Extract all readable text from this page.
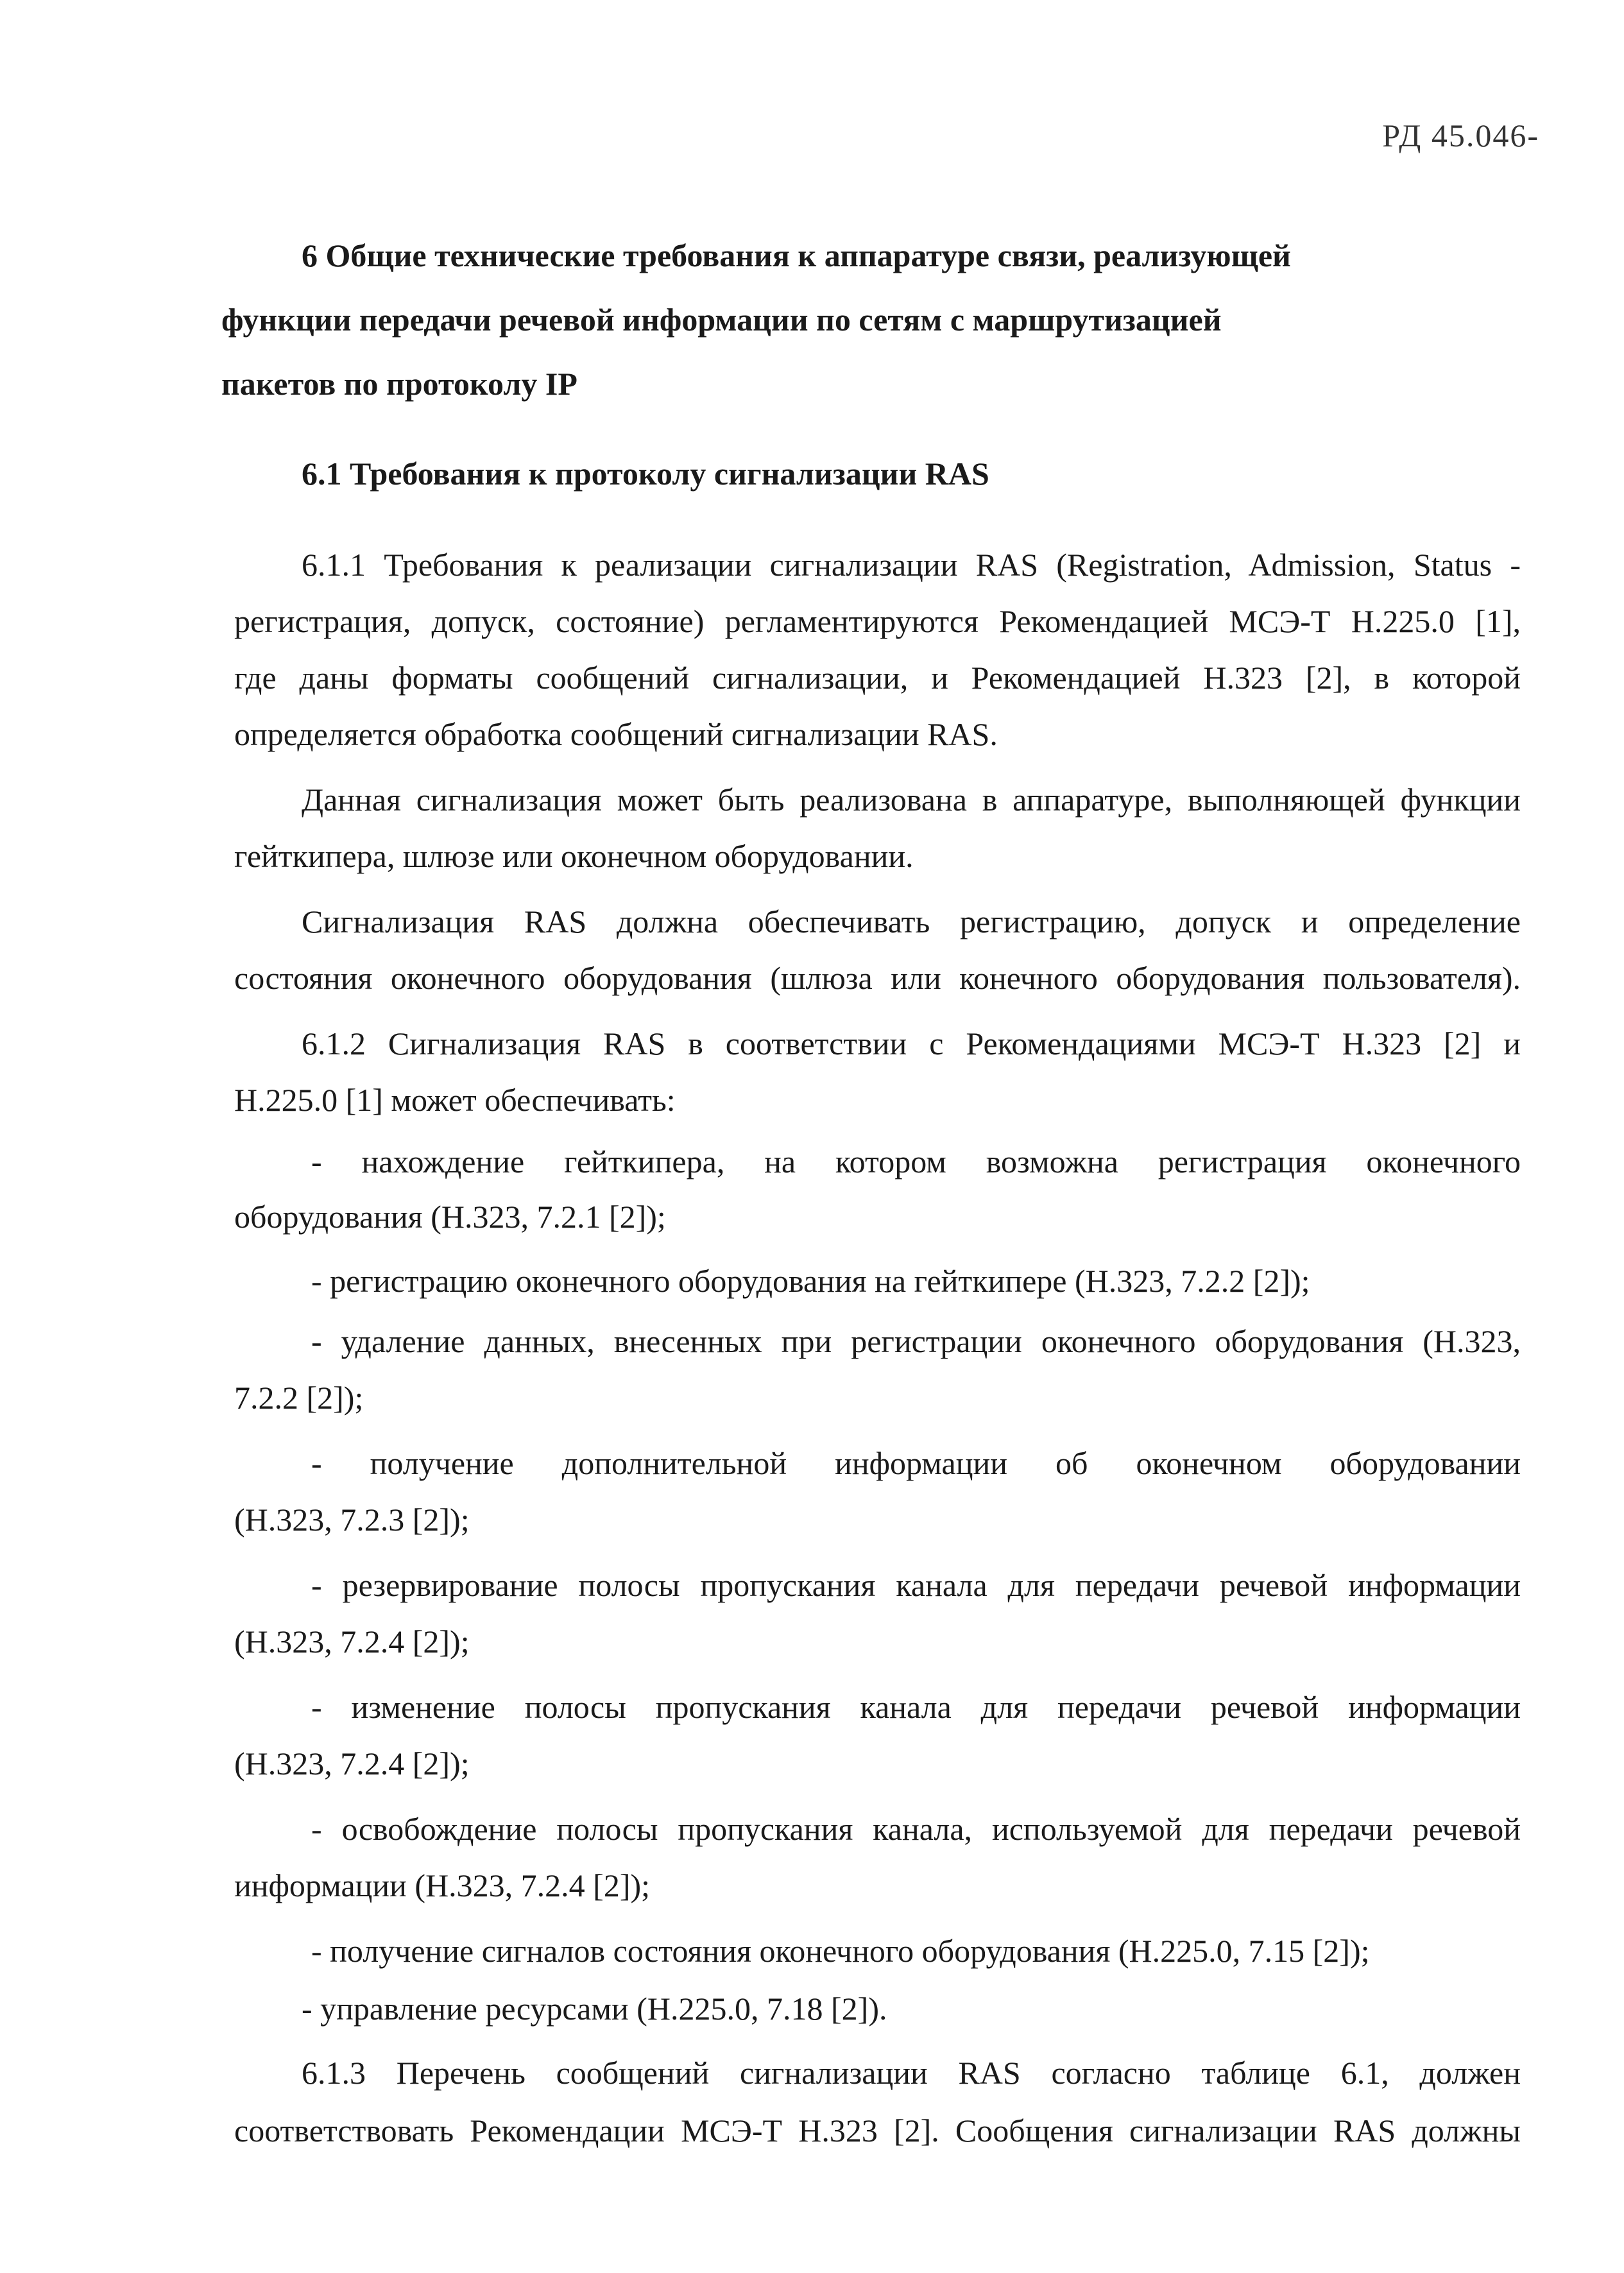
РД 45.046-
6 Общие технические требования к аппаратуре связи, реализующей
функции передачи речевой информации по сетям с маршрутизацией
пакетов по протоколу IP
6.1 Требования к протоколу сигнализации RAS
6.1.1 Требования к реализации сигнализации RAS (Registration, Admission, Status -
регистрация, допуск, состояние) регламентируются Рекомендацией МСЭ-Т Н.225.0 [1],
где даны форматы сообщений сигнализации, и Рекомендацией Н.323 [2], в которой
определяется обработка сообщений сигнализации RAS.
Данная сигнализация может быть реализована в аппаратуре, выполняющей функции
гейткипера, шлюзе или оконечном оборудовании.
Сигнализация RAS должна обеспечивать регистрацию, допуск и определение
состояния оконечного оборудования (шлюза или конечного оборудования пользователя).
6.1.2 Сигнализация RAS в соответствии с Рекомендациями МСЭ-Т Н.323 [2] и
Н.225.0 [1] может обеспечивать:
- нахождение гейткипера, на котором возможна регистрация оконечного
оборудования (Н.323, 7.2.1 [2]);
- регистрацию оконечного оборудования на гейткипере (Н.323, 7.2.2 [2]);
- удаление данных, внесенных при регистрации оконечного оборудования (Н.323,
7.2.2 [2]);
- получение дополнительной информации об оконечном оборудовании
(Н.323, 7.2.3 [2]);
- резервирование полосы пропускания канала для передачи речевой информации
(Н.323, 7.2.4 [2]);
- изменение полосы пропускания канала для передачи речевой информации
(Н.323, 7.2.4 [2]);
- освобождение полосы пропускания канала, используемой для передачи речевой
информации (Н.323, 7.2.4 [2]);
- получение сигналов состояния оконечного оборудования (Н.225.0, 7.15 [2]);
- управление ресурсами (Н.225.0, 7.18 [2]).
6.1.3 Перечень сообщений сигнализации RAS согласно таблице 6.1, должен
соответствовать Рекомендации МСЭ-Т Н.323 [2]. Сообщения сигнализации RAS должны
